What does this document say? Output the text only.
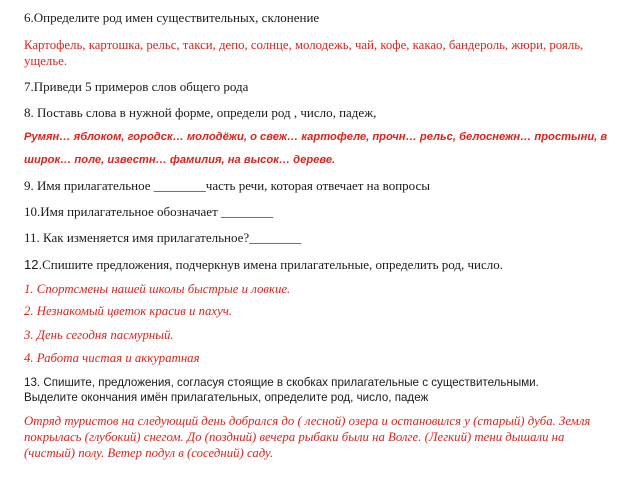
6.Определите род имен существительных, склонение
Картофель, картошка, рельс, такси, депо, солнце, молодежь, чай, кофе, какао, бандероль, жюри, рояль,
ущелье.
7.Приведи 5 примеров слов общего рода
8. Поставь слова в нужной форме, определи род , число, падеж,
Румян… яблоком, городск… молодёжи, о свеж… картофеле, прочн… рельс, белоснежн… простыни, в
широк… поле, известн… фамилия, на высок… дереве.
9. Имя прилагательное ________часть речи, которая отвечает на вопросы
10.Имя прилагательное обозначает ________
11. Как изменяется имя прилагательное?________
12.Спишите предложения, подчеркнув имена прилагательные, определить род, число.
1. Спортсмены нашей школы быстрые и ловкие.
2. Незнакомый цветок красив и пахуч.
3. День сегодня пасмурный.
4. Работа чистая и аккуратная
13. Спишите, предложения, согласуя стоящие в скобках прилагательные с существительными.
Выделите окончания имён прилагательных, определите род, число, падеж
Отряд туристов на следующий день добрался до ( лесной) озера и остановился у (старый) дуба. Земля
покрылась (глубокий) снегом. До (поздний) вечера рыбаки были на Волге. (Легкий) тени дышали на
(чистый) полу. Ветер подул в (соседний) саду.
